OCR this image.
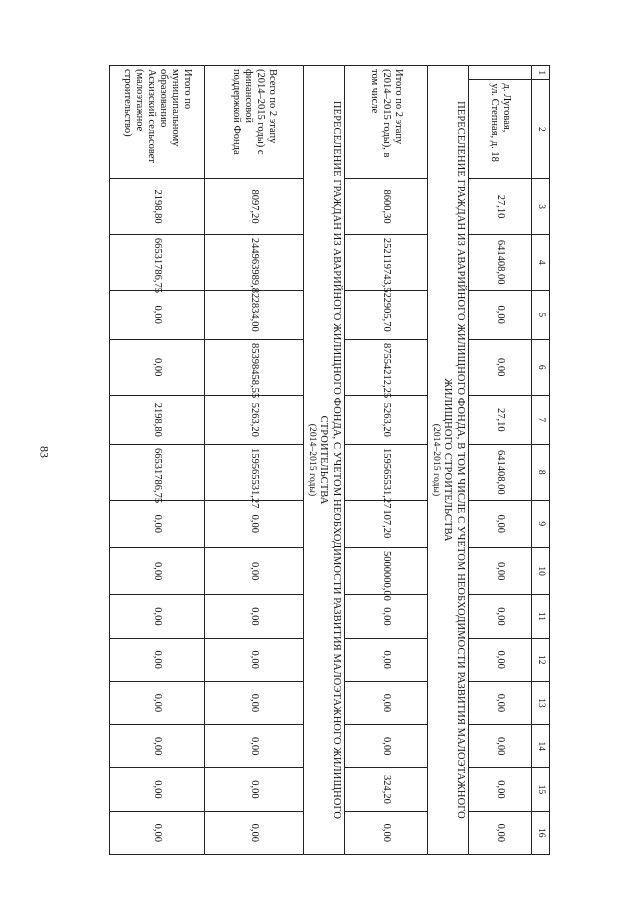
83
1	2	3	4	5	6	7	8	9	10	11	12	13	14	15	16
	д. Луговая,
ул. Степная, д. 18	27,10	641408,00	0,00	0,00	27,10	641408,00	0,00	0,00	0,00	0,00	0,00	0,00	0,00	0,00

ПЕРЕСЕЛЕНИЕ ГРАЖДАН ИЗ АВАРИЙНОГО ЖИЛИЩНОГО ФОНДА, В ТОМ ЧИСЛЕ С УЧЕТОМ НЕОБХОДИМОСТИ РАЗВИТИЯ МАЛОЭТАЖНОГО ЖИЛИЩНОГО СТРОИТЕЛЬСТВА
(2014–2015 годы)															

Итого по 2 этапу
(2014–2015 годы), в том числе		8600,30	252119743,52	2905,70	87554212,25	5263,20	159565531,27	107,20	5000000,00	0,00	0,00	0,00	0,00	324,20	0,00

ПЕРЕСЕЛЕНИЕ ГРАЖДАН ИЗ АВАРИЙНОГО ЖИЛИЩНОГО ФОНДА, С УЧЕТОМ НЕОБХОДИМОСТИ РАЗВИТИЯ МАЛОЭТАЖНОГО ЖИЛИЩНОГО СТРОИТЕЛЬСТВА
(2014–2015 годы)															

Всего по 2 этапу
(2014–2015 годы) с финансовой поддержкой Фонда		8097,20	244963989,82	2834,00	85398458,55	5263,20	159565531,27	0,00	0,00	0,00	0,00	0,00	0,00	0,00	0,00
Итого по муниципальному образованию Аскизский сельсовет (малоэтажное строительство)		2198,80	66531786,75	0,00	0,00	2198,80	66531786,75	0,00	0,00	0,00	0,00	0,00	0,00	0,00	0,00
